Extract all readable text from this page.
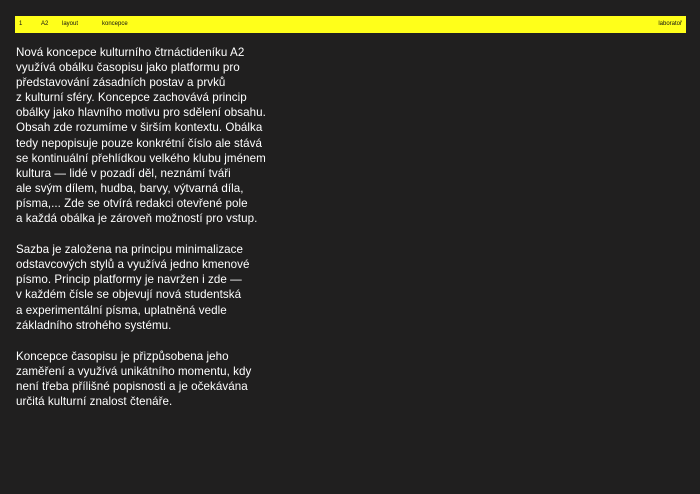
1	A2 layout	koncepce	laboratoř

Nová koncepce kulturního čtrnáctideníku A2
využívá obálku časopisu jako platformu pro
představování zásadních postav a prvků
z kulturní sféry. Koncepce zachovává princip
obálky jako hlavního motivu pro sdělení obsahu.
Obsah zde rozumíme v širším kontextu. Obálka
tedy nepopisuje pouze konkrétní číslo ale stává
se kontinuální přehlídkou velkého klubu jménem
kultura — lidé v pozadí děl, neznámí tváři
ale svým dílem, hudba, barvy, výtvarná díla,
písma,... Zde se otvírá redakci otevřené pole
a každá obálka je zároveň možností pro vstup.

Sazba je založena na principu minimalizace
odstavcových stylů a využívá jedno kmenové
písmo. Princip platformy je navržen i zde —
v každém čísle se objevují nová studentská
a experimentální písma, uplatněná vedle
základního strohého systému.

Koncepce časopisu je přizpůsobena jeho
zaměření a využívá unikátního momentu, kdy
není třeba přílišné popisnosti a je očekávána
určitá kulturní znalost čtenáře.
